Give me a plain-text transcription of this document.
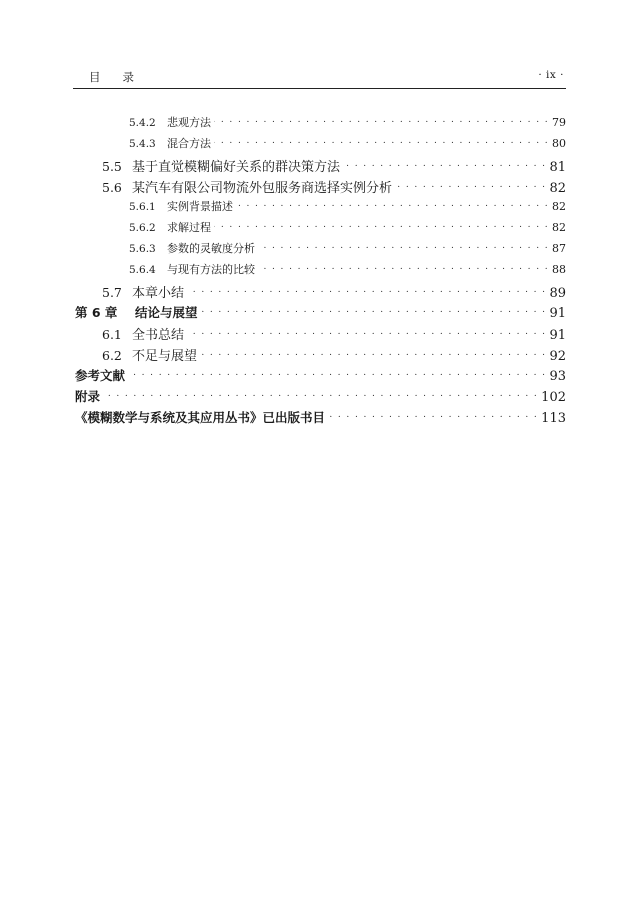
目录	· ix ·
5.4.2	悲观方法 . . .	79
5.4.3	混合方法 . . .	80
5.5 基于直觉模糊偏好关系的群决策方法 . . .	81
5.6 某汽车有限公司物流外包服务商选择实例分析 . . .	82
5.6.1	实例背景描述 . . .	82
5.6.2	求解过程 . . .	82
5.6.3	参数的灵敏度分析 . . .	87
5.6.4	与现有方法的比较 . . .	88
5.7 本章小结 . . .	89
第 6 章	结论与展望 . . .	91
6.1 全书总结 . . .	91
6.2 不足与展望 . . .	92
参考文献 . . .	93
附录 . . .	102
《模糊数学与系统及其应用丛书》已出版书目 . . .	113
